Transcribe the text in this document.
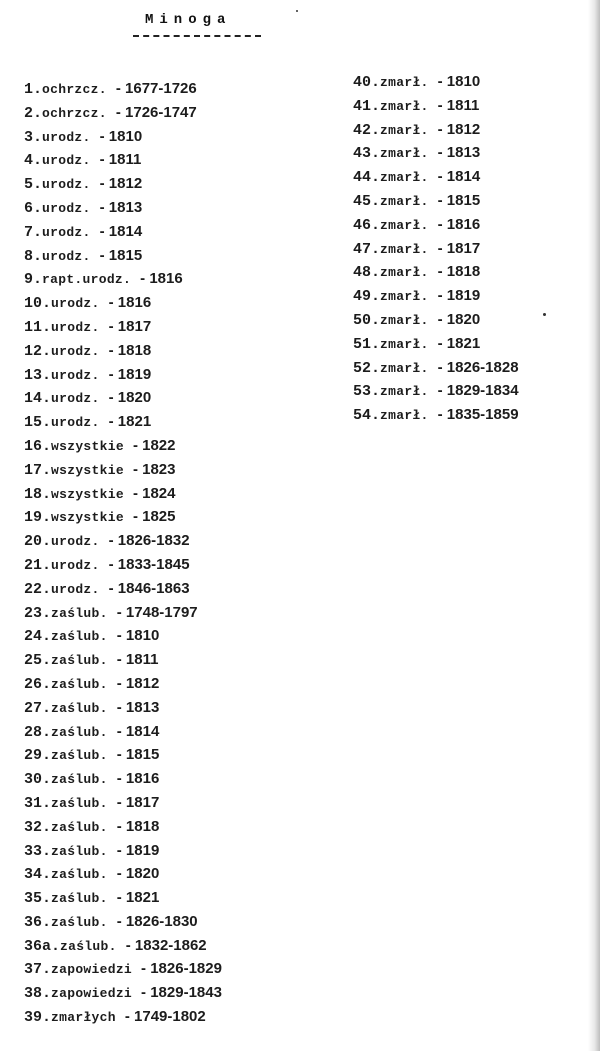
Minoga
1.ochrzcz. - 1677-1726
2.ochrzcz. - 1726-1747
3.urodz. - 1810
4.urodz. - 1811
5.urodz. - 1812
6.urodz. - 1813
7.urodz. - 1814
8.urodz. - 1815
9.rapt.urodz. - 1816
10.urodz. - 1816
11.urodz. - 1817
12.urodz. - 1818
13.urodz. - 1819
14.urodz. - 1820
15.urodz. - 1821
16.wszystkie - 1822
17.wszystkie - 1823
18.wszystkie - 1824
19.wszystkie - 1825
20.urodz. - 1826-1832
21.urodz. - 1833-1845
22.urodz. - 1846-1863
23.zaślub. - 1748-1797
24.zaślub. - 1810
25.zaślub. - 1811
26.zaślub. - 1812
27.zaślub. - 1813
28.zaślub. - 1814
29.zaślub. - 1815
30.zaślub. - 1816
31.zaślub. - 1817
32.zaślub. - 1818
33.zaślub. - 1819
34.zaślub. - 1820
35.zaślub. - 1821
36.zaślub. - 1826-1830
36a.zaślub. - 1832-1862
37.zapowiedzi - 1826-1829
38.zapowiedzi - 1829-1843
39.zmarłych - 1749-1802
40.zmarł. - 1810
41.zmarł. - 1811
42.zmarł. - 1812
43.zmarł. - 1813
44.zmarł. - 1814
45.zmarł. - 1815
46.zmarł. - 1816
47.zmarł. - 1817
48.zmarł. - 1818
49.zmarł. - 1819
50.zmarł. - 1820
51.zmarł. - 1821
52.zmarł. - 1826-1828
53.zmarł. - 1829-1834
54.zmarł. - 1835-1859
